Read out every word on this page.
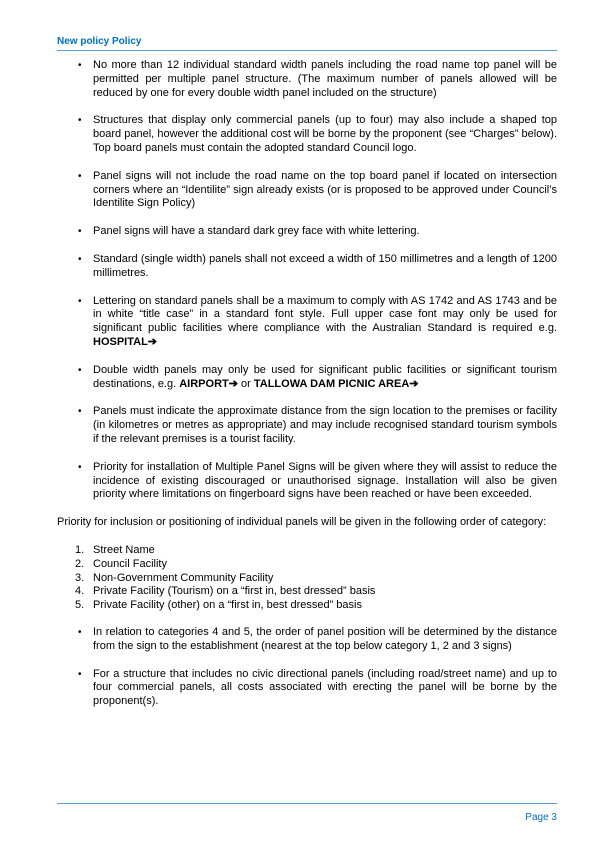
New policy Policy
• No more than 12 individual standard width panels including the road name top panel will be permitted per multiple panel structure. (The maximum number of panels allowed will be reduced by one for every double width panel included on the structure)
• Structures that display only commercial panels (up to four) may also include a shaped top board panel, however the additional cost will be borne by the proponent (see “Charges” below). Top board panels must contain the adopted standard Council logo.
• Panel signs will not include the road name on the top board panel if located on intersection corners where an “Identilite” sign already exists (or is proposed to be approved under Council’s Identilite Sign Policy)
• Panel signs will have a standard dark grey face with white lettering.
• Standard (single width) panels shall not exceed a width of 150 millimetres and a length of 1200 millimetres.
• Lettering on standard panels shall be a maximum to comply with AS 1742 and AS 1743 and be in white “title case” in a standard font style. Full upper case font may only be used for significant public facilities where compliance with the Australian Standard is required e.g. HOSPITAL➔
• Double width panels may only be used for significant public facilities or significant tourism destinations, e.g. AIRPORT➔ or TALLOWA DAM PICNIC AREA➔
• Panels must indicate the approximate distance from the sign location to the premises or facility (in kilometres or metres as appropriate) and may include recognised standard tourism symbols if the relevant premises is a tourist facility.
• Priority for installation of Multiple Panel Signs will be given where they will assist to reduce the incidence of existing discouraged or unauthorised signage. Installation will also be given priority where limitations on fingerboard signs have been reached or have been exceeded.

Priority for inclusion or positioning of individual panels will be given in the following order of category:

1. Street Name
2. Council Facility
3. Non-Government Community Facility
4. Private Facility (Tourism) on a “first in, best dressed” basis
5. Private Facility (other) on a “first in, best dressed” basis
• In relation to categories 4 and 5, the order of panel position will be determined by the distance from the sign to the establishment (nearest at the top below category 1, 2 and 3 signs)
• For a structure that includes no civic directional panels (including road/street name) and up to four commercial panels, all costs associated with erecting the panel will be borne by the proponent(s).
Page 3
